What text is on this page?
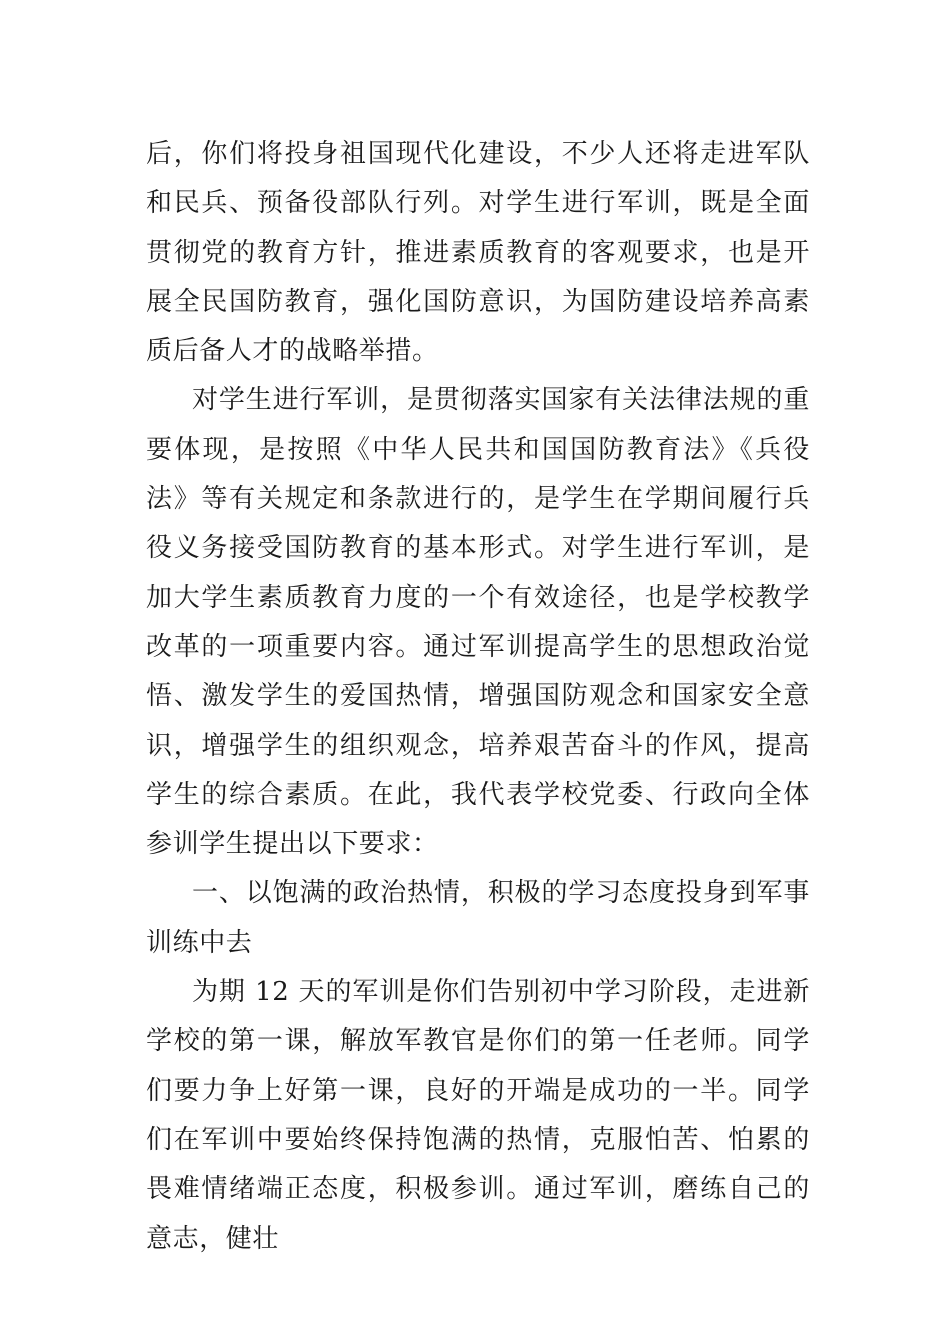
后，你们将投身祖国现代化建设，不少人还将走进军队和民兵、预备役部队行列。对学生进行军训，既是全面贯彻党的教育方针，推进素质教育的客观要求，也是开展全民国防教育，强化国防意识，为国防建设培养高素质后备人才的战略举措。

对学生进行军训，是贯彻落实国家有关法律法规的重要体现，是按照《中华人民共和国国防教育法》《兵役法》等有关规定和条款进行的，是学生在学期间履行兵役义务接受国防教育的基本形式。对学生进行军训，是加大学生素质教育力度的一个有效途径，也是学校教学改革的一项重要内容。通过军训提高学生的思想政治觉悟、激发学生的爱国热情，增强国防观念和国家安全意识，增强学生的组织观念，培养艰苦奋斗的作风，提高学生的综合素质。在此，我代表学校党委、行政向全体参训学生提出以下要求：

一、以饱满的政治热情，积极的学习态度投身到军事训练中去

为期 12 天的军训是你们告别初中学习阶段，走进新学校的第一课，解放军教官是你们的第一任老师。同学们要力争上好第一课，良好的开端是成功的一半。同学们在军训中要始终保持饱满的热情，克服怕苦、怕累的畏难情绪端正态度，积极参训。通过军训，磨练自己的意志，健壮
